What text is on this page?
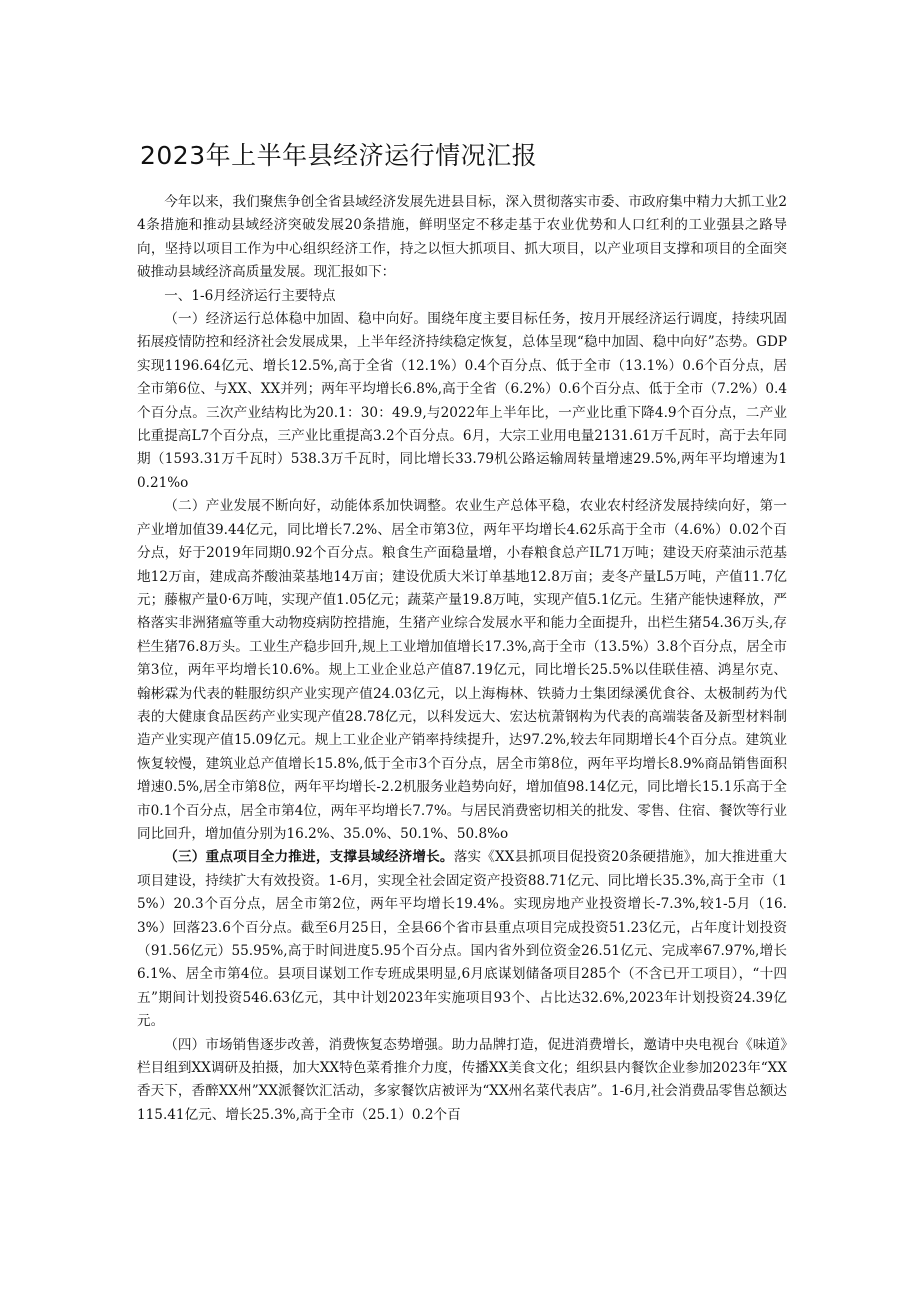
2023年上半年县经济运行情况汇报

今年以来，我们聚焦争创全省县域经济发展先进县目标，深入贯彻落实市委、市政府集中精力大抓工业24条措施和推动县域经济突破发展20条措施，鲜明坚定不移走基于农业优势和人口红利的工业强县之路导向，坚持以项目工作为中心组织经济工作，持之以恒大抓项目、抓大项目，以产业项目支撑和项目的全面突破推动县域经济高质量发展。现汇报如下：

一、1-6月经济运行主要特点

（一）经济运行总体稳中加固、稳中向好。围绕年度主要目标任务，按月开展经济运行调度，持续巩固拓展疫情防控和经济社会发展成果，上半年经济持续稳定恢复，总体呈现“稳中加固、稳中向好”态势。GDP实现1196.64亿元、增长12.5%,高于全省（12.1%）0.4个百分点、低于全市（13.1%）0.6个百分点，居全市第6位、与XX、XX并列；两年平均增长6.8%,高于全省（6.2%）0.6个百分点、低于全市（7.2%）0.4个百分点。三次产业结构比为20.1：30：49.9,与2022年上半年比，一产业比重下降4.9个百分点，二产业比重提高L7个百分点，三产业比重提高3.2个百分点。6月，大宗工业用电量2131.61万千瓦时，高于去年同期（1593.31万千瓦时）538.3万千瓦时，同比增长33.79机公路运输周转量增速29.5%,两年平均增速为10.21%o

（二）产业发展不断向好，动能体系加快调整。农业生产总体平稳，农业农村经济发展持续向好，第一产业增加值39.44亿元，同比增长7.2%、居全市第3位，两年平均增长4.62乐高于全市（4.6%）0.02个百分点，好于2019年同期0.92个百分点。粮食生产面稳量增，小春粮食总产IL71万吨；建设天府菜油示范基地12万亩，建成高芥酸油菜基地14万亩；建设优质大米订单基地12.8万亩；麦冬产量L5万吨，产值11.7亿元；藤椒产量0·6万吨，实现产值1.05亿元；蔬菜产量19.8万吨，实现产值5.1亿元。生猪产能快速释放，严格落实非洲猪瘟等重大动物疫病防控措施，生猪产业综合发展水平和能力全面提升，出栏生猪54.36万头,存栏生猪76.8万头。工业生产稳步回升,规上工业增加值增长17.3%,高于全市（13.5%）3.8个百分点，居全市第3位，两年平均增长10.6%。规上工业企业总产值87.19亿元，同比增长25.5%以佳联佳禧、鸿星尔克、翰彬霖为代表的鞋服纺织产业实现产值24.03亿元，以上海梅林、铁骑力士集团绿溪优食谷、太极制药为代表的大健康食品医药产业实现产值28.78亿元，以科发远大、宏达杭萧钢构为代表的高端装备及新型材料制造产业实现产值15.09亿元。规上工业企业产销率持续提升，达97.2%,较去年同期增长4个百分点。建筑业恢复较慢，建筑业总产值增长15.8%,低于全市3个百分点，居全市第8位，两年平均增长8.9%商品销售面积增速0.5%,居全市第8位，两年平均增长-2.2机服务业趋势向好，增加值98.14亿元，同比增长15.1乐高于全市0.1个百分点，居全市第4位，两年平均增长7.7%。与居民消费密切相关的批发、零售、住宿、餐饮等行业同比回升，增加值分别为16.2%、35.0%、50.1%、50.8%o

（三）重点项目全力推进，支撑县域经济增长。落实《XX县抓项目促投资20条硬措施》，加大推进重大项目建设，持续扩大有效投资。1-6月，实现全社会固定资产投资88.71亿元、同比增长35.3%,高于全市（15%）20.3个百分点，居全市第2位，两年平均增长19.4%。实现房地产业投资增长-7.3%,较1-5月（16.3%）回落23.6个百分点。截至6月25日，全县66个省市县重点项目完成投资51.23亿元，占年度计划投资（91.56亿元）55.95%,高于时间进度5.95个百分点。国内省外到位资金26.51亿元、完成率67.97%,增长6.1%、居全市第4位。县项目谋划工作专班成果明显,6月底谋划储备项目285个（不含已开工项目），“十四五”期间计划投资546.63亿元，其中计划2023年实施项目93个、占比达32.6%,2023年计划投资24.39亿元。

（四）市场销售逐步改善，消费恢复态势增强。助力品牌打造，促进消费增长，邀请中央电视台《味道》栏目组到XX调研及拍摄，加大XX特色菜肴推介力度，传播XX美食文化；组织县内餐饮企业参加2023年“XX香天下，香醉XX州”XX派餐饮汇活动，多家餐饮店被评为“XX州名菜代表店”。1-6月,社会消费品零售总额达115.41亿元、增长25.3%,高于全市（25.1）0.2个百
